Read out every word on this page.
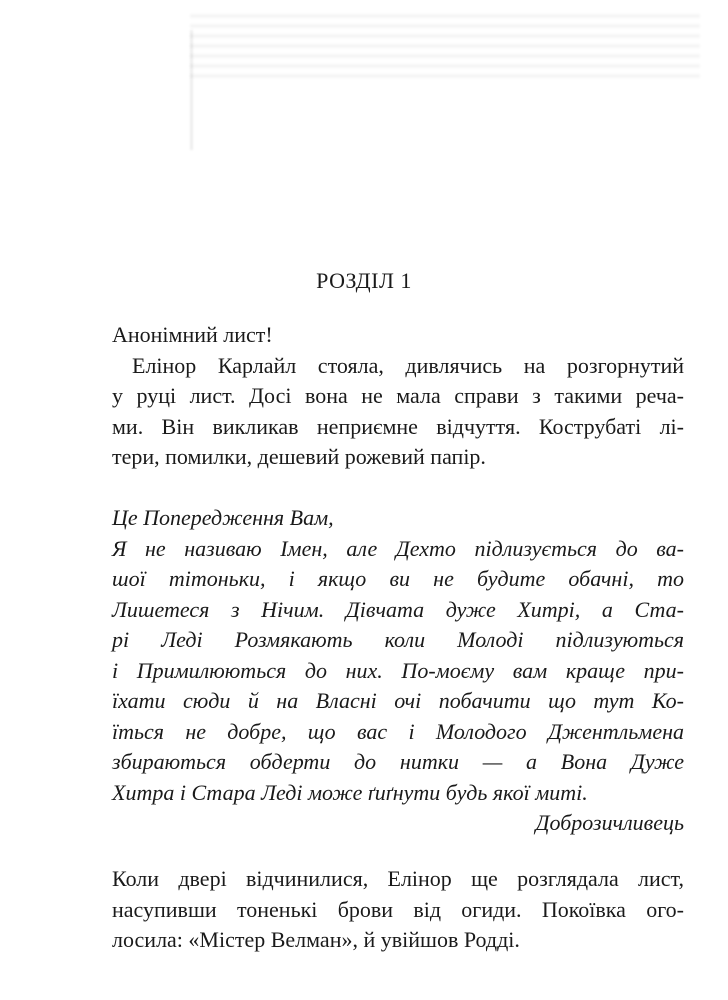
РОЗДІЛ 1
Анонімний лист!
Елінор Карлайл стояла, дивлячись на розгорнутий
у руці лист. Досі вона не мала справи з такими реча-
ми. Він викликав неприємне відчуття. Кострубаті лі-
тери, помилки, дешевий рожевий папір.
Це Попередження Вам,
Я не називаю Імен, але Дехто підлизується до ва-
шої тітоньки, і якщо ви не будите обачні, то
Лишетеся з Нічим. Дівчата дуже Хитрі, а Ста-
рі Леді Розмякають коли Молоді підлизуються
і Примилюються до них. По-моєму вам краще при-
їхати сюди й на Власні очі побачити що тут Ко-
їться не добре, що вас і Молодого Джентльмена
збираються обдерти до нитки — а Вона Дуже
Хитра і Стара Леді може ґиґнути будь якої миті.
Доброзичливець
Коли двері відчинилися, Елінор ще розглядала лист,
насупивши тоненькі брови від огиди. Покоївка ого-
лосила: «Містер Велман», й увійшов Родді.
